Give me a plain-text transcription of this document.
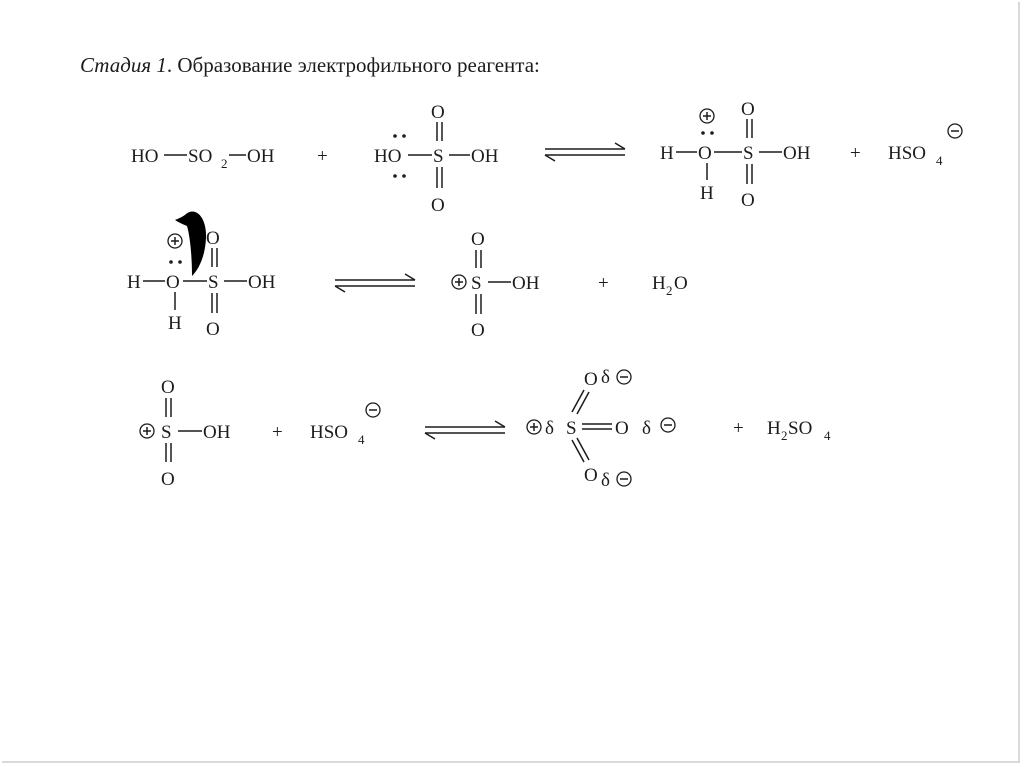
Стадия 1. Образование электрофильного реагента:
HO SO 2 OH + HO S
O
O
OH	H O
H
S
O
O
OH + HSO 4
H O
H
S
O
O
OH	S
O
O
OH	+ H 2 O
S
O
O
OH + HSO 4
δ S
O δ
O δ
O δ
+ H 2 SO 4
